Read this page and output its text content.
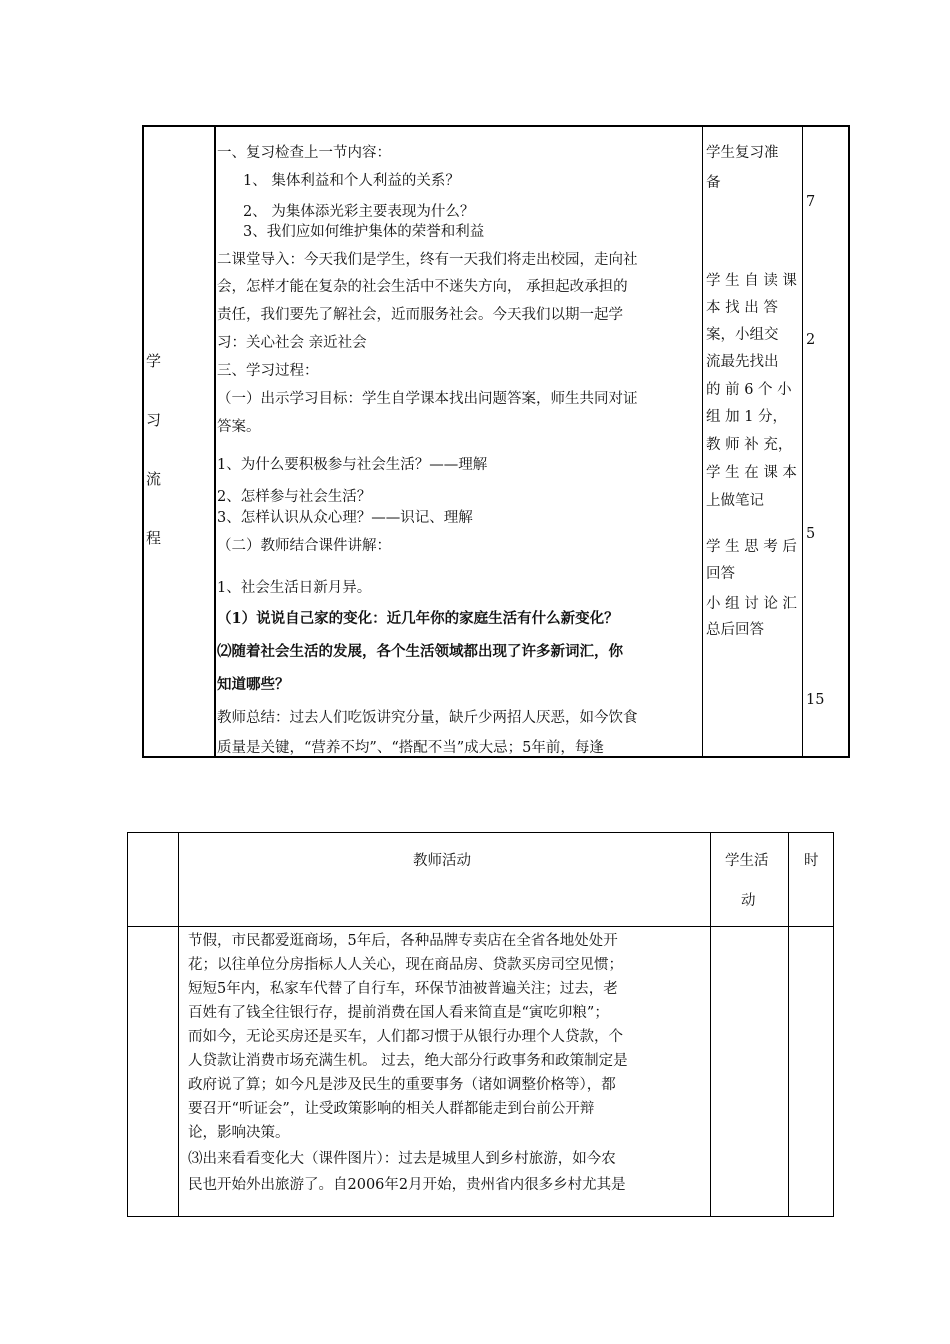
学
习
流
程
一、复习检查上一节内容：
1、 集体利益和个人利益的关系？
2、 为集体添光彩主要表现为什么？
3、我们应如何维护集体的荣誉和利益
二课堂导入：今天我们是学生，终有一天我们将走出校园，走向社
会，怎样才能在复杂的社会生活中不迷失方向， 承担起改承担的
责任，我们要先了解社会，近而服务社会。今天我们以期一起学
习：关心社会 亲近社会
三、学习过程：
（一）出示学习目标：学生自学课本找出问题答案，师生共同对证
答案。
1、为什么要积极参与社会生活？——理解
2、怎样参与社会生活？
3、怎样认识从众心理？——识记、理解
（二）教师结合课件讲解：
1、社会生活日新月异。
（1）说说自己家的变化：近几年你的家庭生活有什么新变化？
⑵随着社会生活的发展，各个生活领域都出现了许多新词汇，你
知道哪些？
教师总结：过去人们吃饭讲究分量，缺斤少两招人厌恶，如今饮食
质量是关键，“营养不均”、“搭配不当”成大忌；5年前，每逢
学生复习准
备
学 生 自 读 课
本 找 出 答
案，小组交
流最先找出
的 前 6 个 小
组 加 1 分，
教 师 补 充，
学 生 在 课 本
上做笔记
学 生 思 考 后
回答
小 组 讨 论 汇
总后回答
7
2
5
15
教师活动	学生活
动
时
节假，市民都爱逛商场，5年后，各种品牌专卖店在全省各地处处开
花；以往单位分房指标人人关心，现在商品房、贷款买房司空见惯；
短短5年内，私家车代替了自行车，环保节油被普遍关注；过去，老
百姓有了钱全往银行存，提前消费在国人看来简直是“寅吃卯粮”；
而如今，无论买房还是买车，人们都习惯于从银行办理个人贷款，个
人贷款让消费市场充满生机。 过去，绝大部分行政事务和政策制定是
政府说了算；如今凡是涉及民生的重要事务（诸如调整价格等），都
要召开“听证会”，让受政策影响的相关人群都能走到台前公开辩
论，影响决策。
⑶出来看看变化大（课件图片）：过去是城里人到乡村旅游，如今农
民也开始外出旅游了。自2006年2月开始，贵州省内很多乡村尤其是
